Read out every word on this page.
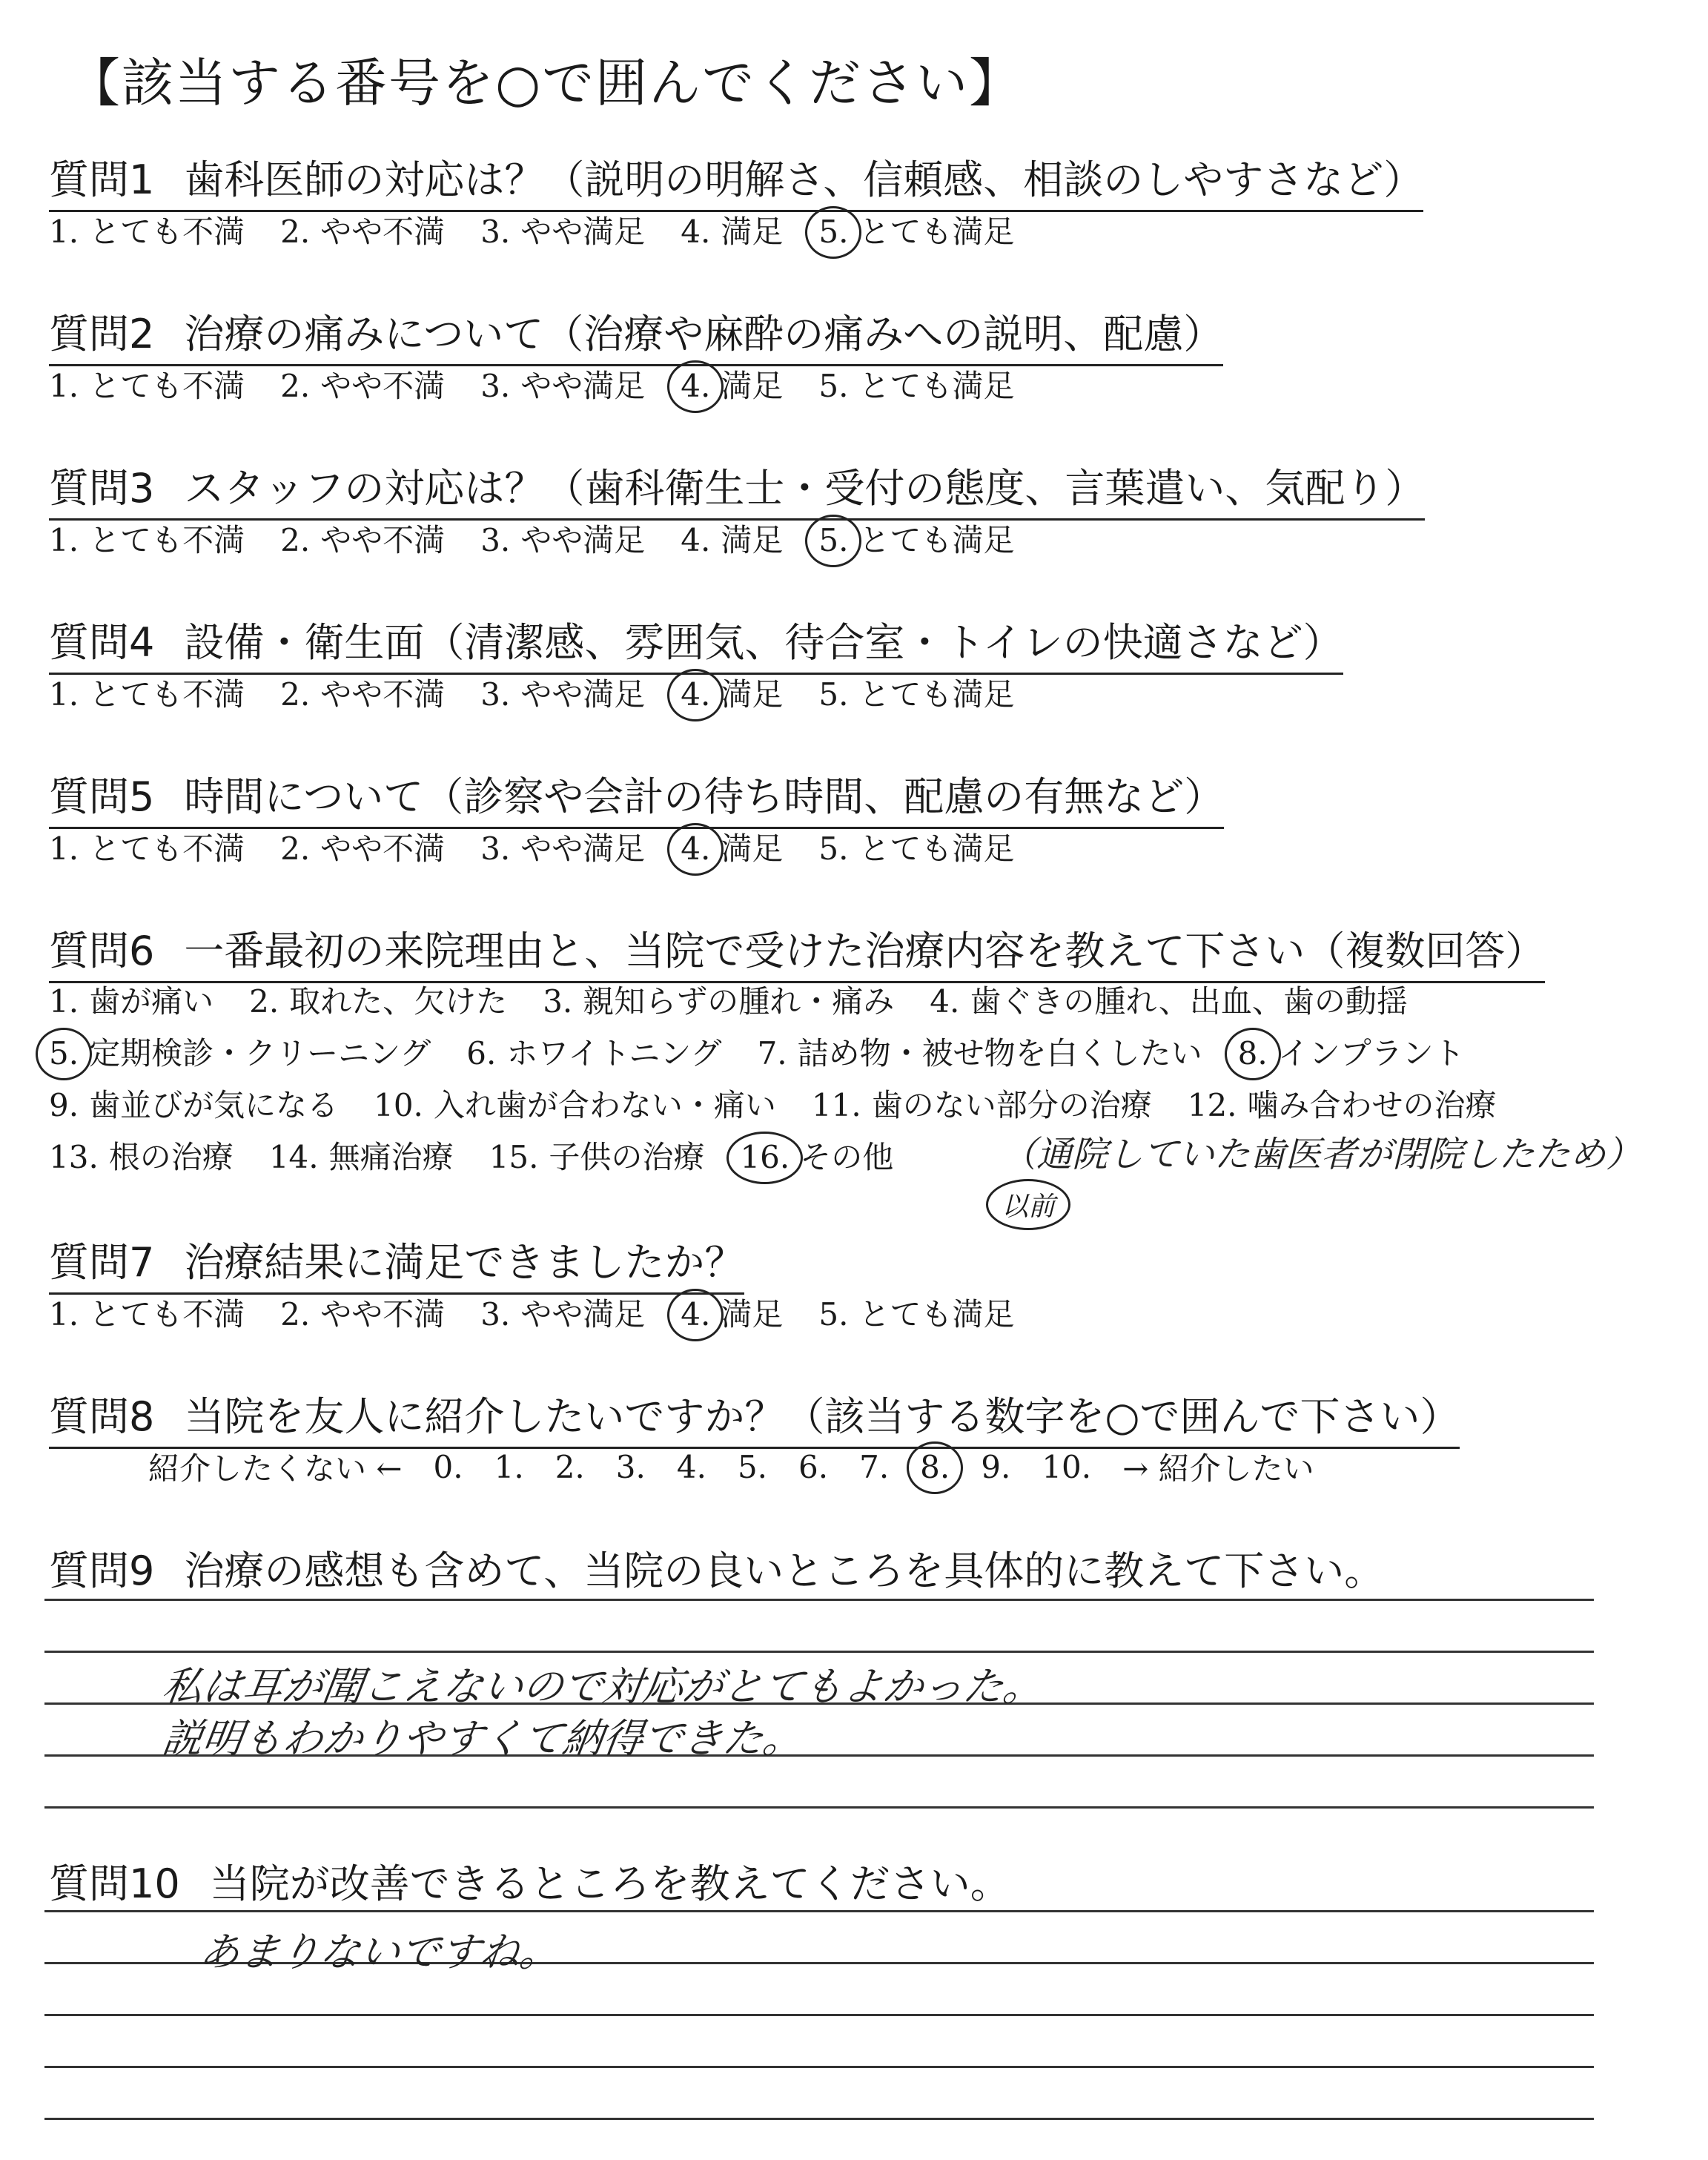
【該当する番号を○で囲んでください】
質問1 歯科医師の対応は？（説明の明解さ、信頼感、相談のしやすさなど）
1. とても不満 2. やや不満 3. やや満足 4. 満足 5. とても満足
質問2 治療の痛みについて（治療や麻酔の痛みへの説明、配慮）
1. とても不満 2. やや不満 3. やや満足 4. 満足 5. とても満足
質問3 スタッフの対応は？（歯科衛生士・受付の態度、言葉遣い、気配り）
1. とても不満 2. やや不満 3. やや満足 4. 満足 5. とても満足
質問4 設備・衛生面（清潔感、雰囲気、待合室・トイレの快適さなど）
1. とても不満 2. やや不満 3. やや満足 4. 満足 5. とても満足
質問5 時間について（診察や会計の待ち時間、配慮の有無など）
1. とても不満 2. やや不満 3. やや満足 4. 満足 5. とても満足
質問6 一番最初の来院理由と、当院で受けた治療内容を教えて下さい（複数回答）
1. 歯が痛い 2. 取れた、欠けた 3. 親知らずの腫れ・痛み 4. 歯ぐきの腫れ、出血、歯の動揺
5. 定期検診・クリーニング 6. ホワイトニング 7. 詰め物・被せ物を白くしたい 8. インプラント
9. 歯並びが気になる 10. 入れ歯が合わない・痛い 11. 歯のない部分の治療 12. 噛み合わせの治療
13. 根の治療 14. 無痛治療 15. 子供の治療 16. その他	（通院していた歯医者が閉院したため）
以前
質問7 治療結果に満足できましたか？
1. とても不満 2. やや不満 3. やや満足 4. 満足 5. とても満足
質問8 当院を友人に紹介したいですか？（該当する数字を○で囲んで下さい）
紹介したくない ← 0. 1. 2. 3. 4. 5. 6. 7. 8. 9. 10. → 紹介したい
質問9 治療の感想も含めて、当院の良いところを具体的に教えて下さい。
私は耳が聞こえないので対応がとてもよかった。
説明もわかりやすくて納得できた。
質問10 当院が改善できるところを教えてください。
あまりないですね。
